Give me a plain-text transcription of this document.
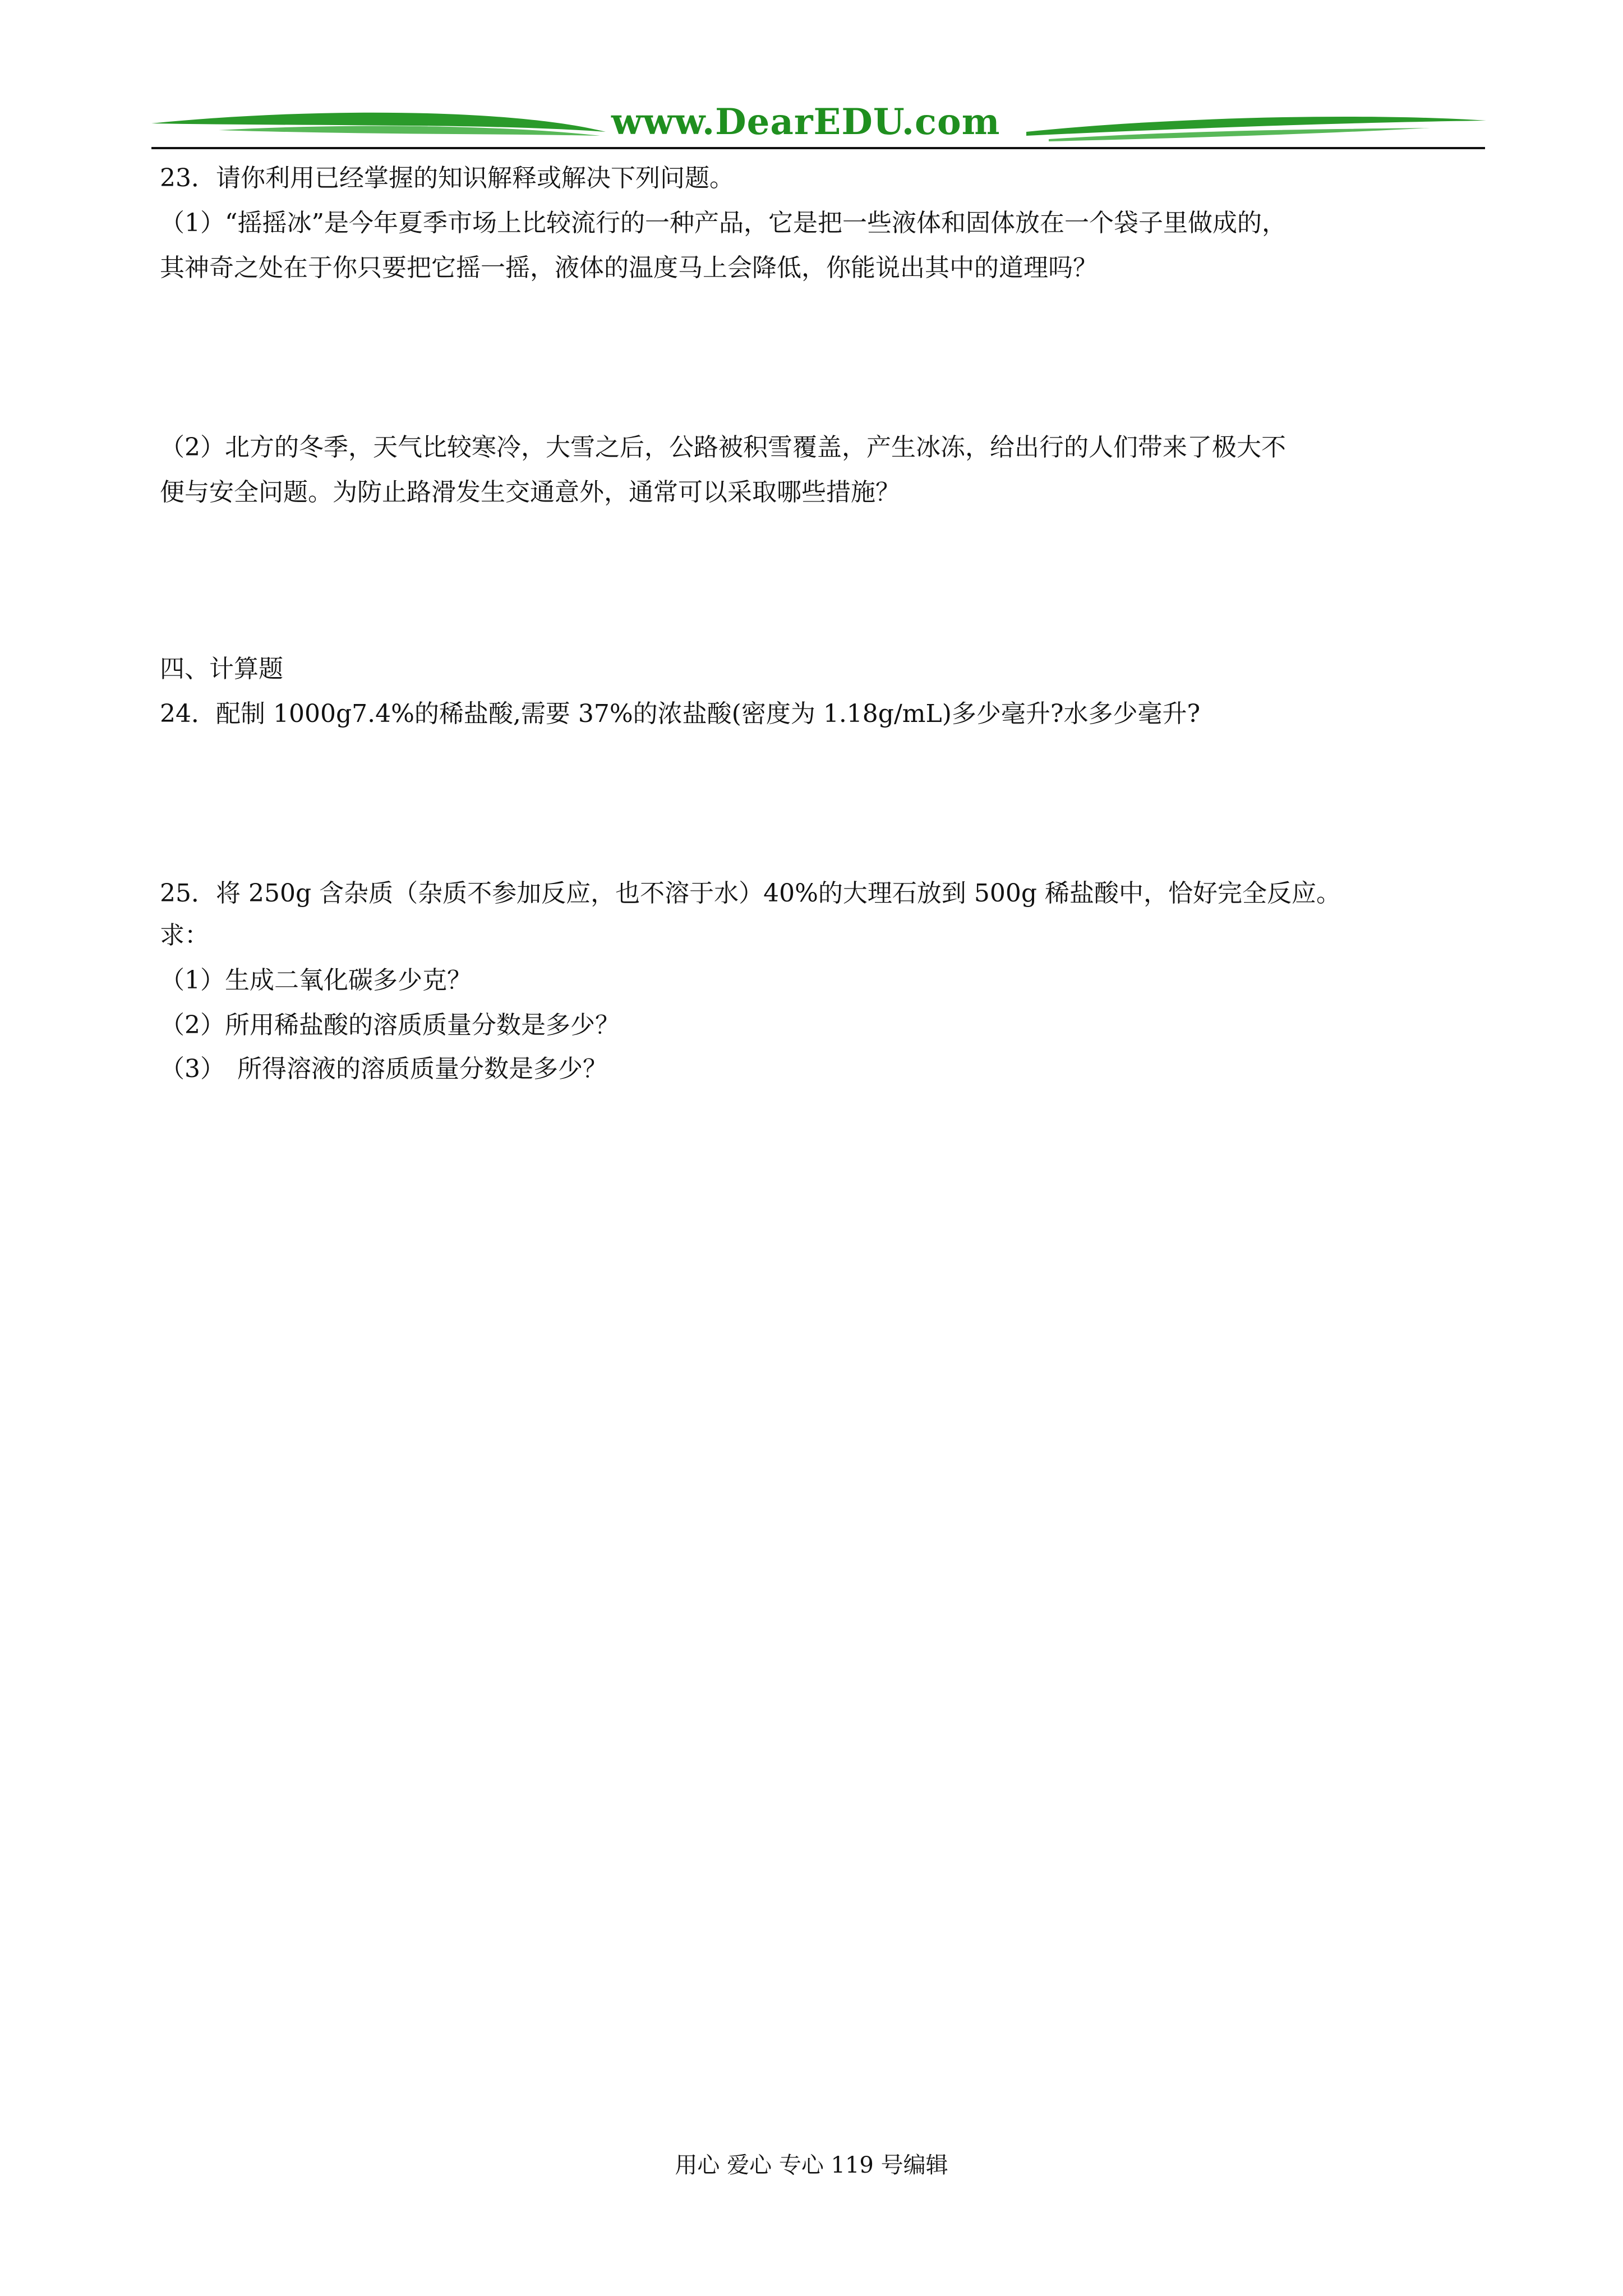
www.DearEDU.com
23．请你利用已经掌握的知识解释或解决下列问题。
（1）“摇摇冰”是今年夏季市场上比较流行的一种产品，它是把一些液体和固体放在一个袋子里做成的，
其神奇之处在于你只要把它摇一摇，液体的温度马上会降低，你能说出其中的道理吗？
（2）北方的冬季，天气比较寒冷，大雪之后，公路被积雪覆盖，产生冰冻，给出行的人们带来了极大不
便与安全问题。为防止路滑发生交通意外，通常可以采取哪些措施？
四、计算题
24．配制 1000g7.4%的稀盐酸,需要 37%的浓盐酸(密度为 1.18g/mL)多少毫升?水多少毫升?
25．将 250g 含杂质（杂质不参加反应，也不溶于水）40%的大理石放到 500g 稀盐酸中，恰好完全反应。
求：
（1）生成二氧化碳多少克？
（2）所用稀盐酸的溶质质量分数是多少？
（3）　所得溶液的溶质质量分数是多少？
用心 爱心 专心 119 号编辑
